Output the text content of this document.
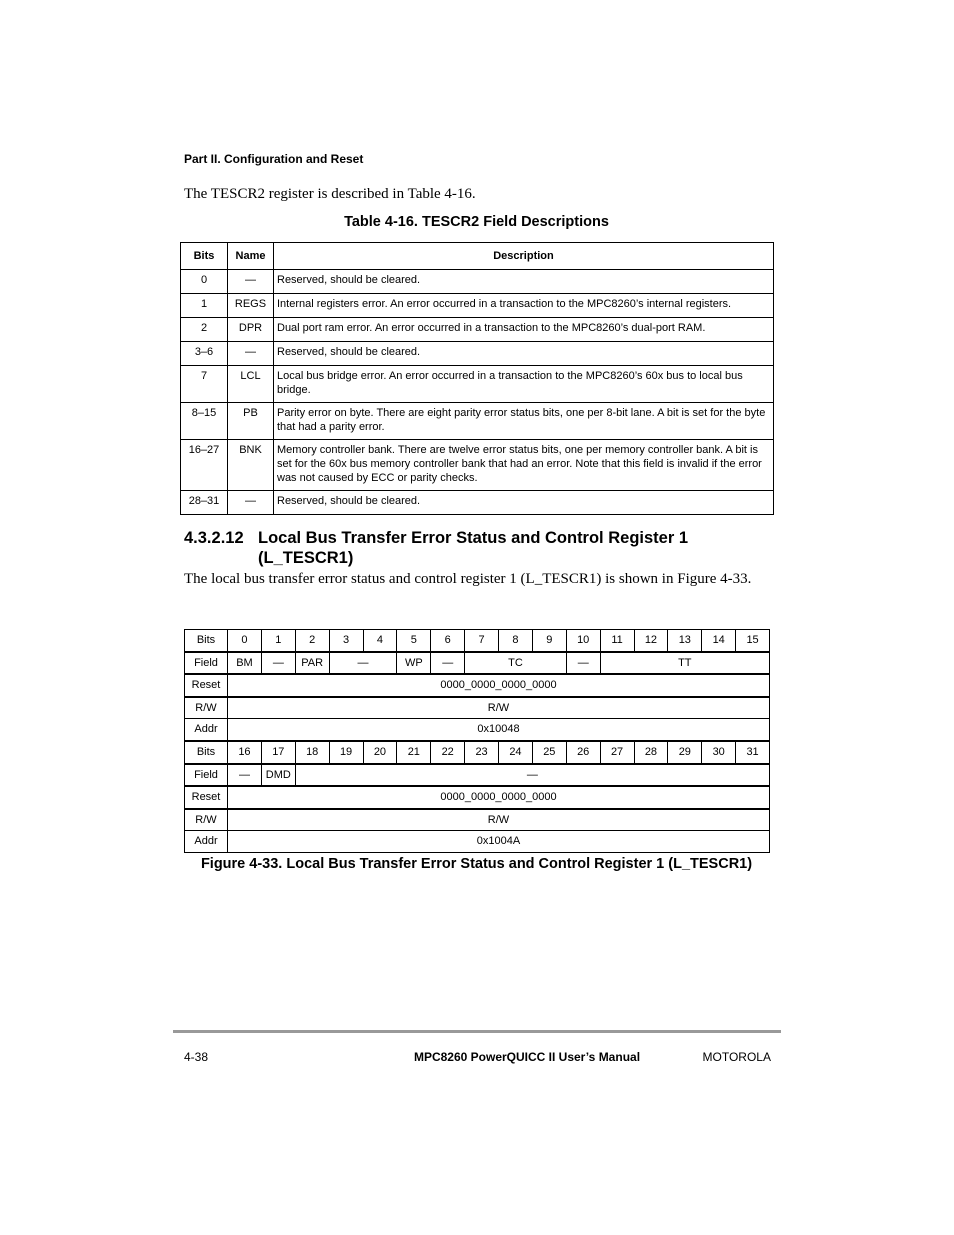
Part II. Configuration and Reset
The TESCR2 register is described in Table 4-16.
Table 4-16. TESCR2 Field Descriptions
Bits	Name	Description
0	—	Reserved, should be cleared.
1	REGS	Internal registers error. An error occurred in a transaction to the MPC8260’s internal registers.
2	DPR	Dual port ram error. An error occurred in a transaction to the MPC8260’s dual-port RAM.
3–6	—	Reserved, should be cleared.
7	LCL	Local bus bridge error. An error occurred in a transaction to the MPC8260’s 60x bus to local bus bridge.
8–15	PB	Parity error on byte. There are eight parity error status bits, one per 8-bit lane. A bit is set for the byte that had a parity error.
16–27	BNK	Memory controller bank. There are twelve error status bits, one per memory controller bank. A bit is set for the 60x bus memory controller bank that had an error. Note that this field is invalid if the error was not caused by ECC or parity checks.
28–31	—	Reserved, should be cleared.
4.3.2.12 Local Bus Transfer Error Status and Control Register 1
(L_TESCR1)
The local bus transfer error status and control register 1 (L_TESCR1) is shown in Figure 4-33.
Bits	0	1	2	3	4	5	6	7	8	9	10	11	12	13	14	15
Field	BM	—	PAR	—		WP	—	TC			—	TT				
Reset	0000_0000_0000_0000															
R/W	R/W															
Addr	0x10048															
Bits	16	17	18	19	20	21	22	23	24	25	26	27	28	29	30	31
Field	—	DMD	—													
Reset	0000_0000_0000_0000															
R/W	R/W															
Addr	0x1004A															
Figure 4-33. Local Bus Transfer Error Status and Control Register 1 (L_TESCR1)
4-38	MPC8260 PowerQUICC II User’s Manual	MOTOROLA
